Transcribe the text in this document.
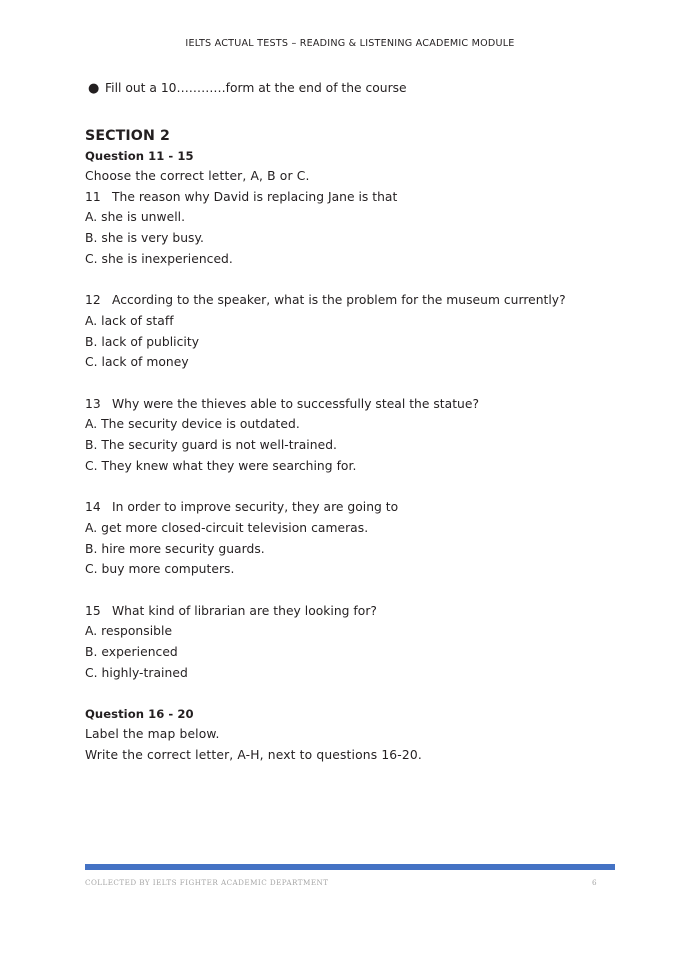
IELTS ACTUAL TESTS – READING & LISTENING ACADEMIC MODULE
● Fill out a 10…………form at the end of the course
SECTION 2
Question 11 - 15
Choose the correct letter, A, B or C.
11 The reason why David is replacing Jane is that
A. she is unwell.
B. she is very busy.
C. she is inexperienced.
12 According to the speaker, what is the problem for the museum currently?
A. lack of staff
B. lack of publicity
C. lack of money
13 Why were the thieves able to successfully steal the statue?
A. The security device is outdated.
B. The security guard is not well-trained.
C. They knew what they were searching for.
14 In order to improve security, they are going to
A. get more closed-circuit television cameras.
B. hire more security guards.
C. buy more computers.
15 What kind of librarian are they looking for?
A. responsible
B. experienced
C. highly-trained
Question 16 - 20
Label the map below.
Write the correct letter, A-H, next to questions 16-20.
COLLECTED BY IELTS FIGHTER ACADEMIC DEPARTMENT	6
